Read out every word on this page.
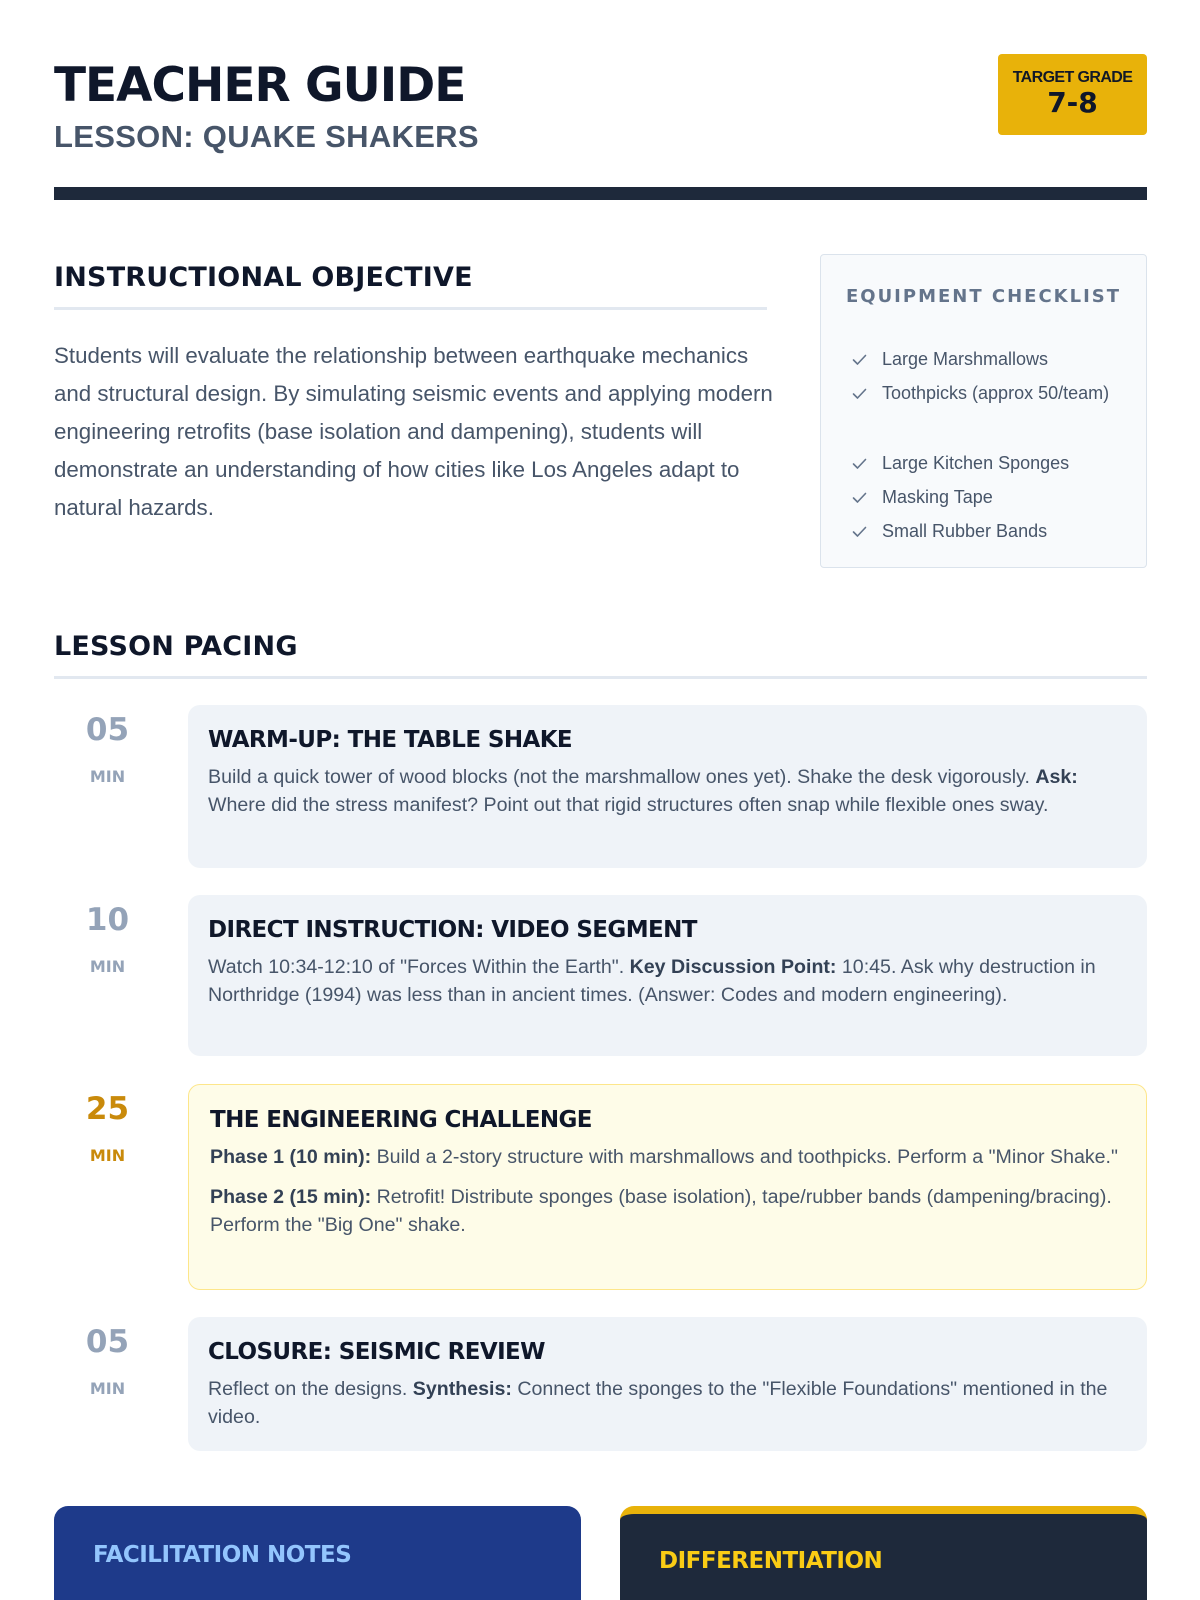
TEACHER GUIDE
LESSON: QUAKE SHAKERS
TARGET GRADE
7-8
INSTRUCTIONAL OBJECTIVE

Students will evaluate the relationship between earthquake mechanics and structural design. By simulating seismic events and applying modern engineering retrofits (base isolation and dampening), students will demonstrate an understanding of how cities like Los Angeles adapt to natural hazards.

EQUIPMENT CHECKLIST
Large Marshmallows
Toothpicks (approx 50/team)
Large Kitchen Sponges
Masking Tape
Small Rubber Bands
LESSON PACING
05
MIN
WARM-UP: THE TABLE SHAKE

Build a quick tower of wood blocks (not the marshmallow ones yet). Shake the desk vigorously. Ask: Where did the stress manifest? Point out that rigid structures often snap while flexible ones sway.

10
MIN
DIRECT INSTRUCTION: VIDEO SEGMENT

Watch 10:34-12:10 of "Forces Within the Earth". Key Discussion Point: 10:45. Ask why destruction in Northridge (1994) was less than in ancient times. (Answer: Codes and modern engineering).

25
MIN
THE ENGINEERING CHALLENGE

Phase 1 (10 min): Build a 2-story structure with marshmallows and toothpicks. Perform a "Minor Shake."

Phase 2 (15 min): Retrofit! Distribute sponges (base isolation), tape/rubber bands (dampening/bracing). Perform the "Big One" shake.

05
MIN
CLOSURE: SEISMIC REVIEW

Reflect on the designs. Synthesis: Connect the sponges to the "Flexible Foundations" mentioned in the video.

FACILITATION NOTES	DIFFERENTIATION
